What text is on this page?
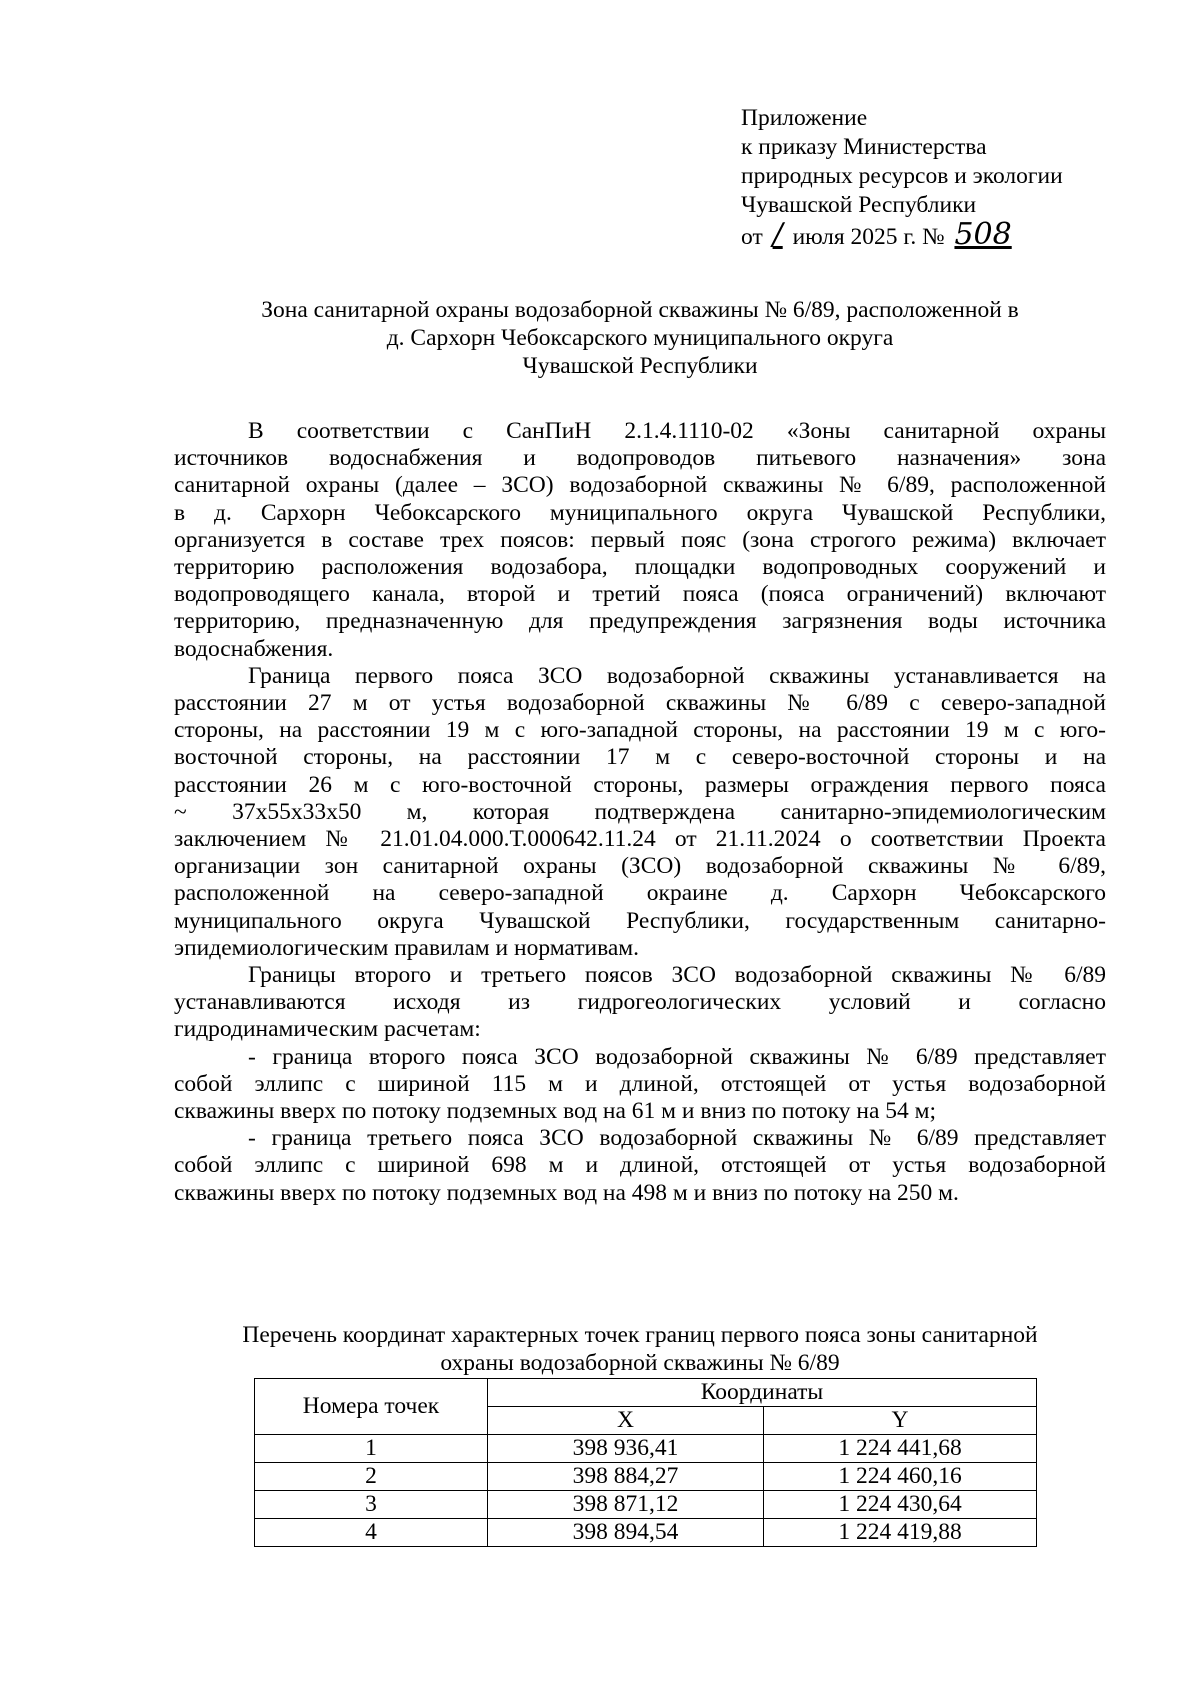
Приложение
к приказу Министерства
природных ресурсов и экологии
Чувашской Республики
от / июля 2025 г. № 508
Зона санитарной охраны водозаборной скважины № 6/89, расположенной в
д. Сархорн Чебоксарского муниципального округа
Чувашской Республики

В соответствии с СанПиН 2.1.4.1110-02 «Зоны санитарной охраны
источников водоснабжения и водопроводов питьевого назначения» зона
санитарной охраны (далее – ЗСО) водозаборной скважины № 6/89, расположенной
в д. Сархорн Чебоксарского муниципального округа Чувашской Республики,
организуется в составе трех поясов: первый пояс (зона строгого режима) включает
территорию расположения водозабора, площадки водопроводных сооружений и
водопроводящего канала, второй и третий пояса (пояса ограничений) включают
территорию, предназначенную для предупреждения загрязнения воды источника
водоснабжения.

Граница первого пояса ЗСО водозаборной скважины устанавливается на
расстоянии 27 м от устья водозаборной скважины № 6/89 с северо-западной
стороны, на расстоянии 19 м с юго-западной стороны, на расстоянии 19 м с юго-
восточной стороны, на расстоянии 17 м с северо-восточной стороны и на
расстоянии 26 м с юго-восточной стороны, размеры ограждения первого пояса
~ 37х55х33х50 м, которая подтверждена санитарно-эпидемиологическим
заключением № 21.01.04.000.Т.000642.11.24 от 21.11.2024 о соответствии Проекта
организации зон санитарной охраны (ЗСО) водозаборной скважины № 6/89,
расположенной на северо-западной окраине д. Сархорн Чебоксарского
муниципального округа Чувашской Республики, государственным санитарно-
эпидемиологическим правилам и нормативам.

Границы второго и третьего поясов ЗСО водозаборной скважины № 6/89
устанавливаются исходя из гидрогеологических условий и согласно
гидродинамическим расчетам:

- граница второго пояса ЗСО водозаборной скважины № 6/89 представляет
собой эллипс с шириной 115 м и длиной, отстоящей от устья водозаборной
скважины вверх по потоку подземных вод на 61 м и вниз по потоку на 54 м;

- граница третьего пояса ЗСО водозаборной скважины № 6/89 представляет
собой эллипс с шириной 698 м и длиной, отстоящей от устья водозаборной
скважины вверх по потоку подземных вод на 498 м и вниз по потоку на 250 м.

Перечень координат характерных точек границ первого пояса зоны санитарной
охраны водозаборной скважины № 6/89
Номера точек	Координаты	
	X	Y
1	398 936,41	1 224 441,68
2	398 884,27	1 224 460,16
3	398 871,12	1 224 430,64
4	398 894,54	1 224 419,88
